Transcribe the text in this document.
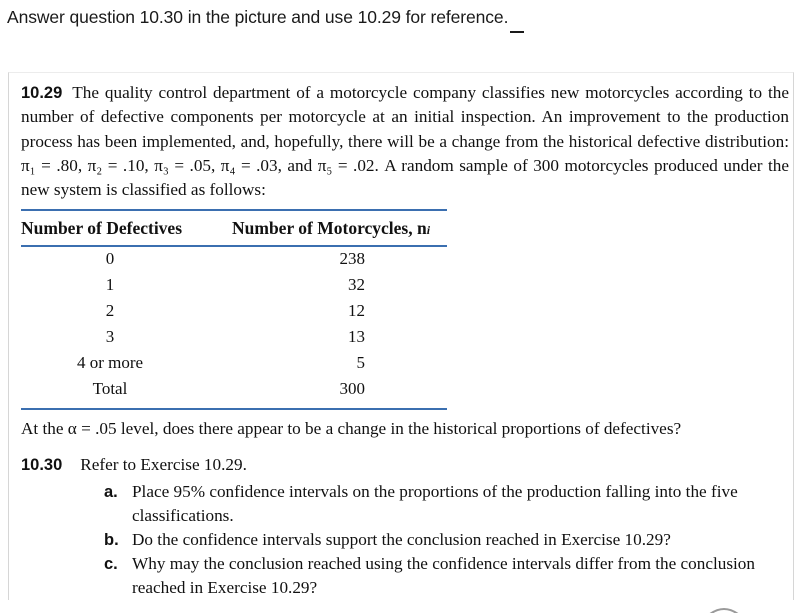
Answer question 10.30 in the picture and use 10.29 for reference.
10.29 The quality control department of a motorcycle company classifies new motorcycles according to the number of defective components per motorcycle at an initial inspection. An improvement to the production process has been implemented, and, hopefully, there will be a change from the historical defective distribution: π₁ = .80, π₂ = .10, π₃ = .05, π₄ = .03, and π₅ = .02. A random sample of 300 motorcycles produced under the new system is classified as follows:
Number of Defectives	Number of Motorcycles, ni
0	238
1	32
2	12
3	13
4 or more	5
Total	300
At the α = .05 level, does there appear to be a change in the historical proportions of defectives?
10.30 Refer to Exercise 10.29.
a. Place 95% confidence intervals on the proportions of the production falling into the five classifications.
b. Do the confidence intervals support the conclusion reached in Exercise 10.29?
c. Why may the conclusion reached using the confidence intervals differ from the conclusion reached in Exercise 10.29?
